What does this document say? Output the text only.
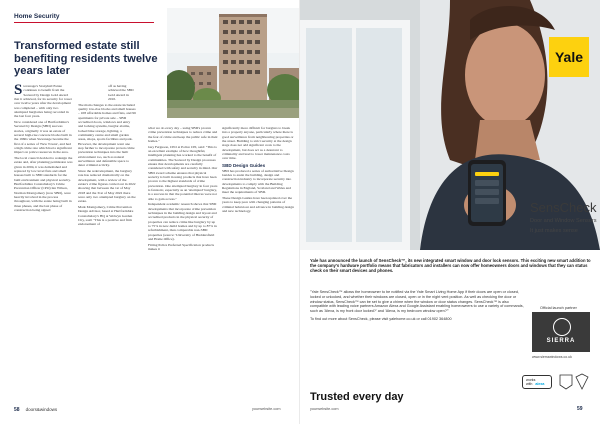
Home Security
Transformed estate still benefiting residents twelve years later
S tevenage's Stonyhall Estate continues to benefit from the Secured by Design Gold Award that it achieved, for its security for tower over twelve years after the development was completed – with only two attempted burglaries being recorded in the last four years.

Now considered one of Hertfordshire's Secured by Design (SBD) success stories, originally it was an estate of several high-rise concrete blocks built in the 1960s when Stevenage became the first of a series of 'New Towns', and had a high crime rate which had a significant impact on police resources in the area.

The local council decided to redesign the estate and, after planning permission was given in 2004, it was demolished and replaced by low level flats and small houses built to SBD standards for the built environment and physical security. Hertfordshire Constabulary's Crime Prevention Officer (CPO) Ian Wilson, Norman Montgomery (now SBD), were heavily involved in the process throughout, with the estate being built in three phases, and the last phase of construction being signed

off as having achieved the SBD Gold Award in 2010.

The main changes to the estate included quality low-rise blocks and small houses – 108 affordable homes and flats, and 96 apartments for private sale – SBD accredited doors, windows and entry and locking systems, burglar alarms, locked bike storage, lighting, a community centre and small garden areas, shops, sports facilities and park. However, the development went one step further to incorporate proven crime prevention techniques into the built environment too, such as natural surveillance and defensible space to deter criminal activity.

Since the redevelopment, the burglary rate has reduced dramatically on the development, with a review of the estate's crime figures carried out in 2022 showing that between the 1st of May 2018 and the 31st of May 2022 there were only two attempted burglary on the estate.

Mark Montgomery, Crime Prevention Design Advisor, based at Hertfordshire Constabulary's HQ at Welwyn Garden City, said: "This is a positive and firm endorsement of

what we do every day – using SBD's proven crime prevention techniques to reduce crime and the fear of crime and keep the public safe in their homes."

Guy Ferguson, CPO at Police CPI, said: "This is an excellent example of how thoughtful, intelligent planning has worked to the benefit of communities. The Secured by Design processes ensure that developments are carefully considered with safety and security in mind. Our SBD award scheme ensures that physical security is built in using products that have been proven to the highest standards of crime prevention. One attempted burglary in four years is fantastic, especially as an 'attempted' burglary, is a success in that the potential thieves were not able to gain access."

Independent academic research shows that SBD developments that incorporate crime prevention techniques in the building design and layout and accredited products in the physical security of properties can reduce crime like burglary by up to 75% in new-build homes and by up to 87% in refurbishment, than comparable non-SBD properties (source: 'University of Huddersfield and Home Office).

Fitting Police Preferred Specification products makes it

significantly more difficult for burglars to break into a property anyone, particularly where there is good surveillance from neighbouring properties or the street. Building to strict security at the design stage does not add significant costs to the development, but does act as a deterrent to criminality and lead to lower maintenance costs over time.

SBD Design Guides

SBD has produced a series of authoritative Design Guides to assist the building, design and construction industry to incorporate security into developments to comply with the Building Regulations in England, Scotland and Wales and meet the requirements of SBD.

These Design Guides have been updated over the years to keep pace with changing patterns of criminal behaviour and advance in building design and new technology.

58 doors&windows	yourwebsite.com
Yale
SensCheck
Door and Window Sensors
It just makes sense

Yale has announced the launch of SensCheck™, its new integrated smart window and door lock sensors. This exciting new smart addition to the company's hardware portfolio means that fabricators and installers can now offer homeowners doors and windows that they can status check on their smart devices and phones.

"Yale SensCheck™ allows the homeowner to be notified via the Yale Smart Living Home App if their doors are open or closed, locked or unlocked, and whether their windows are closed, open or in the night vent position. As well as checking the door or window status, SensCheck™ can be set to give a chime when the window or door status changes. SensCheck™ is also compatible with leading voice partners Amazon Alexa and Google Assistant enabling homeowners to use a variety of commands, such as 'Alexa, is my front door locked?' and 'Alexa, is my bedroom window open?'"

To find out more about SensCheck, please visit yalehome.co.uk or call 01902 364800

Official launch partner
SIERRA
www.sierrawindows.co.uk
works
with alexa
Trusted every day
yourwebsite.com	59
